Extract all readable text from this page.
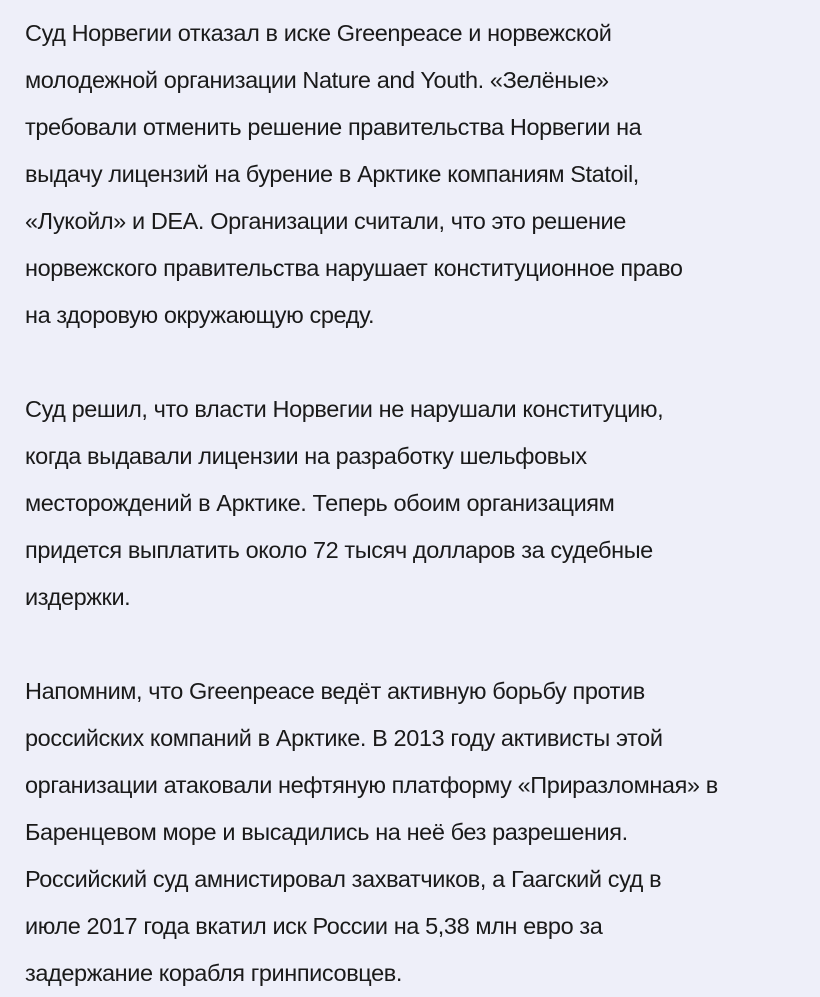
Суд Норвегии отказал в иске Greenpeace и норвежской
молодежной организации Nature and Youth. «Зелёные»
требовали отменить решение правительства Норвегии на
выдачу лицензий на бурение в Арктике компаниям Statoil,
«Лукойл» и DEA. Организации считали, что это решение
норвежского правительства нарушает конституционное право
на здоровую окружающую среду.

Суд решил, что власти Норвегии не нарушали конституцию,
когда выдавали лицензии на разработку шельфовых
месторождений в Арктике. Теперь обоим организациям
придется выплатить около 72 тысяч долларов за судебные
издержки.

Напомним, что Greenpeace ведёт активную борьбу против
российских компаний в Арктике. В 2013 году активисты этой
организации атаковали нефтяную платформу «Приразломная» в
Баренцевом море и высадились на неё без разрешения.
Российский суд амнистировал захватчиков, а Гаагский суд в
июле 2017 года вкатил иск России на 5,38 млн евро за
задержание корабля гринписовцев.
